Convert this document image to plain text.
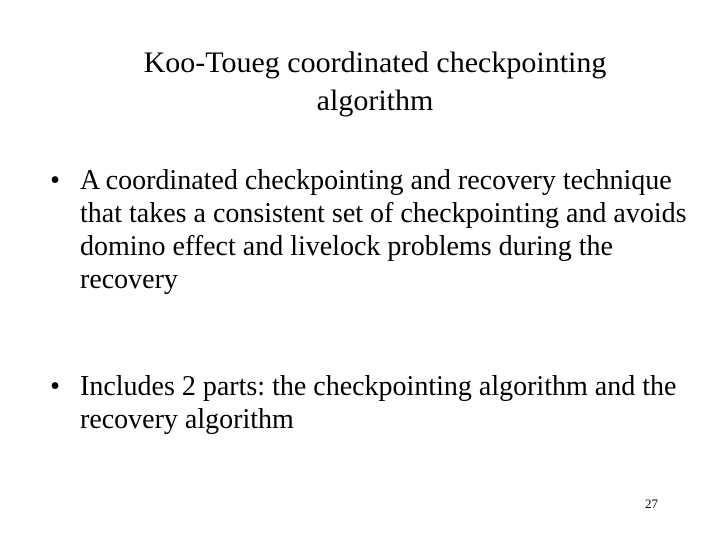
Koo-Toueg coordinated checkpointing
algorithm
• A coordinated checkpointing and recovery technique that takes a consistent set of checkpointing and avoids domino effect and livelock problems during the recovery
• Includes 2 parts: the checkpointing algorithm and the recovery algorithm
27
